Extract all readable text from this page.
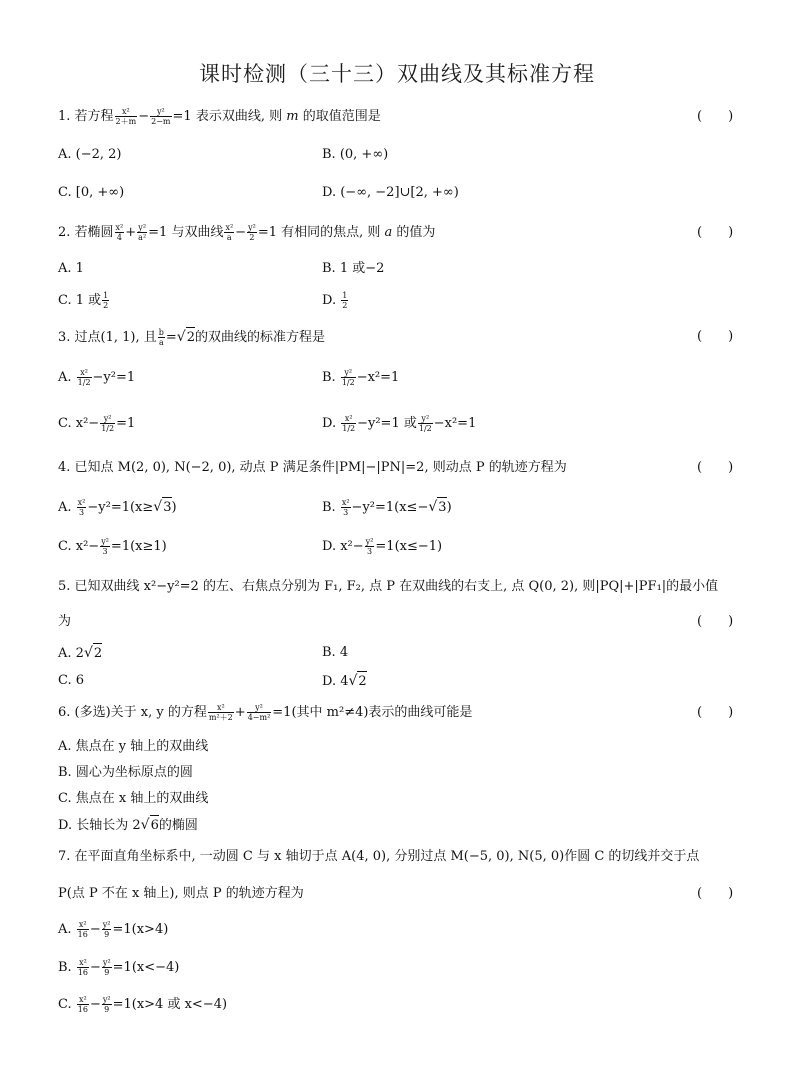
课时检测（三十三）双曲线及其标准方程
1. 若方程 $\frac{\text{x²}}{2+m} - \frac{\text{y²}}{2-m} =1$ 表示双曲线, 则 m 的取值范围是	(　　)
A. (−2, 2)	B. (0, +∞)
C. [0, +∞)	D. (−∞, −2]∪[2, +∞)
2. 若椭圆 $\frac{\text{x²}}{4} + \frac{\text{y²}}{\text{a²}} =1$ 与双曲线 $\frac{\text{x²}}{a} - \frac{\text{y²}}{2} =1$ 有相同的焦点, 则 a 的值为	(　　)
A. 1	B. 1 或−2
C. 1 或 $\frac{1}{2}$	D. $\frac{1}{2}$
3. 过点(1, 1), 且 $\frac{b}{a} =√2$的双曲线的标准方程是	(　　)
A. $\frac{\text{x²}}{1/2} -y^2=1$	B. $\frac{\text{y²}}{1/2} -x^2=1$
C. $x^2- \frac{\text{y²}}{1/2} =1$	D. $\frac{\text{x²}}{1/2} -y^2=1$ 或 $\frac{\text{y²}}{1/2} -x^2=1$
4. 已知点 M(2, 0), N(−2, 0), 动点 P 满足条件|PM|−|PN|=2, 则动点 P 的轨迹方程为	(　　)
A. $\frac{\text{x²}}{3} -y^2=1(x\ge√3)$	B. $\frac{\text{x²}}{3} -y^2=1(x\le-√3)$
C. $x^2- \frac{\text{y²}}{3} =1(x\ge 1)$	D. $x^2- \frac{\text{y²}}{3} =1(x\le-1)$
5. 已知双曲线 x²−y²=2 的左、右焦点分别为 F₁, F₂, 点 P 在双曲线的右支上, 点 Q(0, 2), 则|PQ|+|PF₁|的最小值
为	(　　)
A. 2√2	B. 4
C. 6	D. 4√2
6. (多选)关于 x, y 的方程 $\frac{\text{x²}}{\text{m²＋2}} + \frac{\text{y²}}{\text{4−m²}} =1$(其中 m²≠4)表示的曲线可能是	(　　)
A. 焦点在 y 轴上的双曲线
B. 圆心为坐标原点的圆
C. 焦点在 x 轴上的双曲线
D. 长轴长为 2√6的椭圆
7. 在平面直角坐标系中, 一动圆 C 与 x 轴切于点 A(4, 0), 分别过点 M(−5, 0), N(5, 0)作圆 C 的切线并交于点
P(点 P 不在 x 轴上), 则点 P 的轨迹方程为	(　　)
A. $\frac{\text{x²}}{16} - \frac{\text{y²}}{9} =1(x>4)$
B. $\frac{\text{x²}}{16} - \frac{\text{y²}}{9} =1(x<-4)$
C. $\frac{\text{x²}}{16} - \frac{\text{y²}}{9} =1(x>4$ 或 x<−4)
